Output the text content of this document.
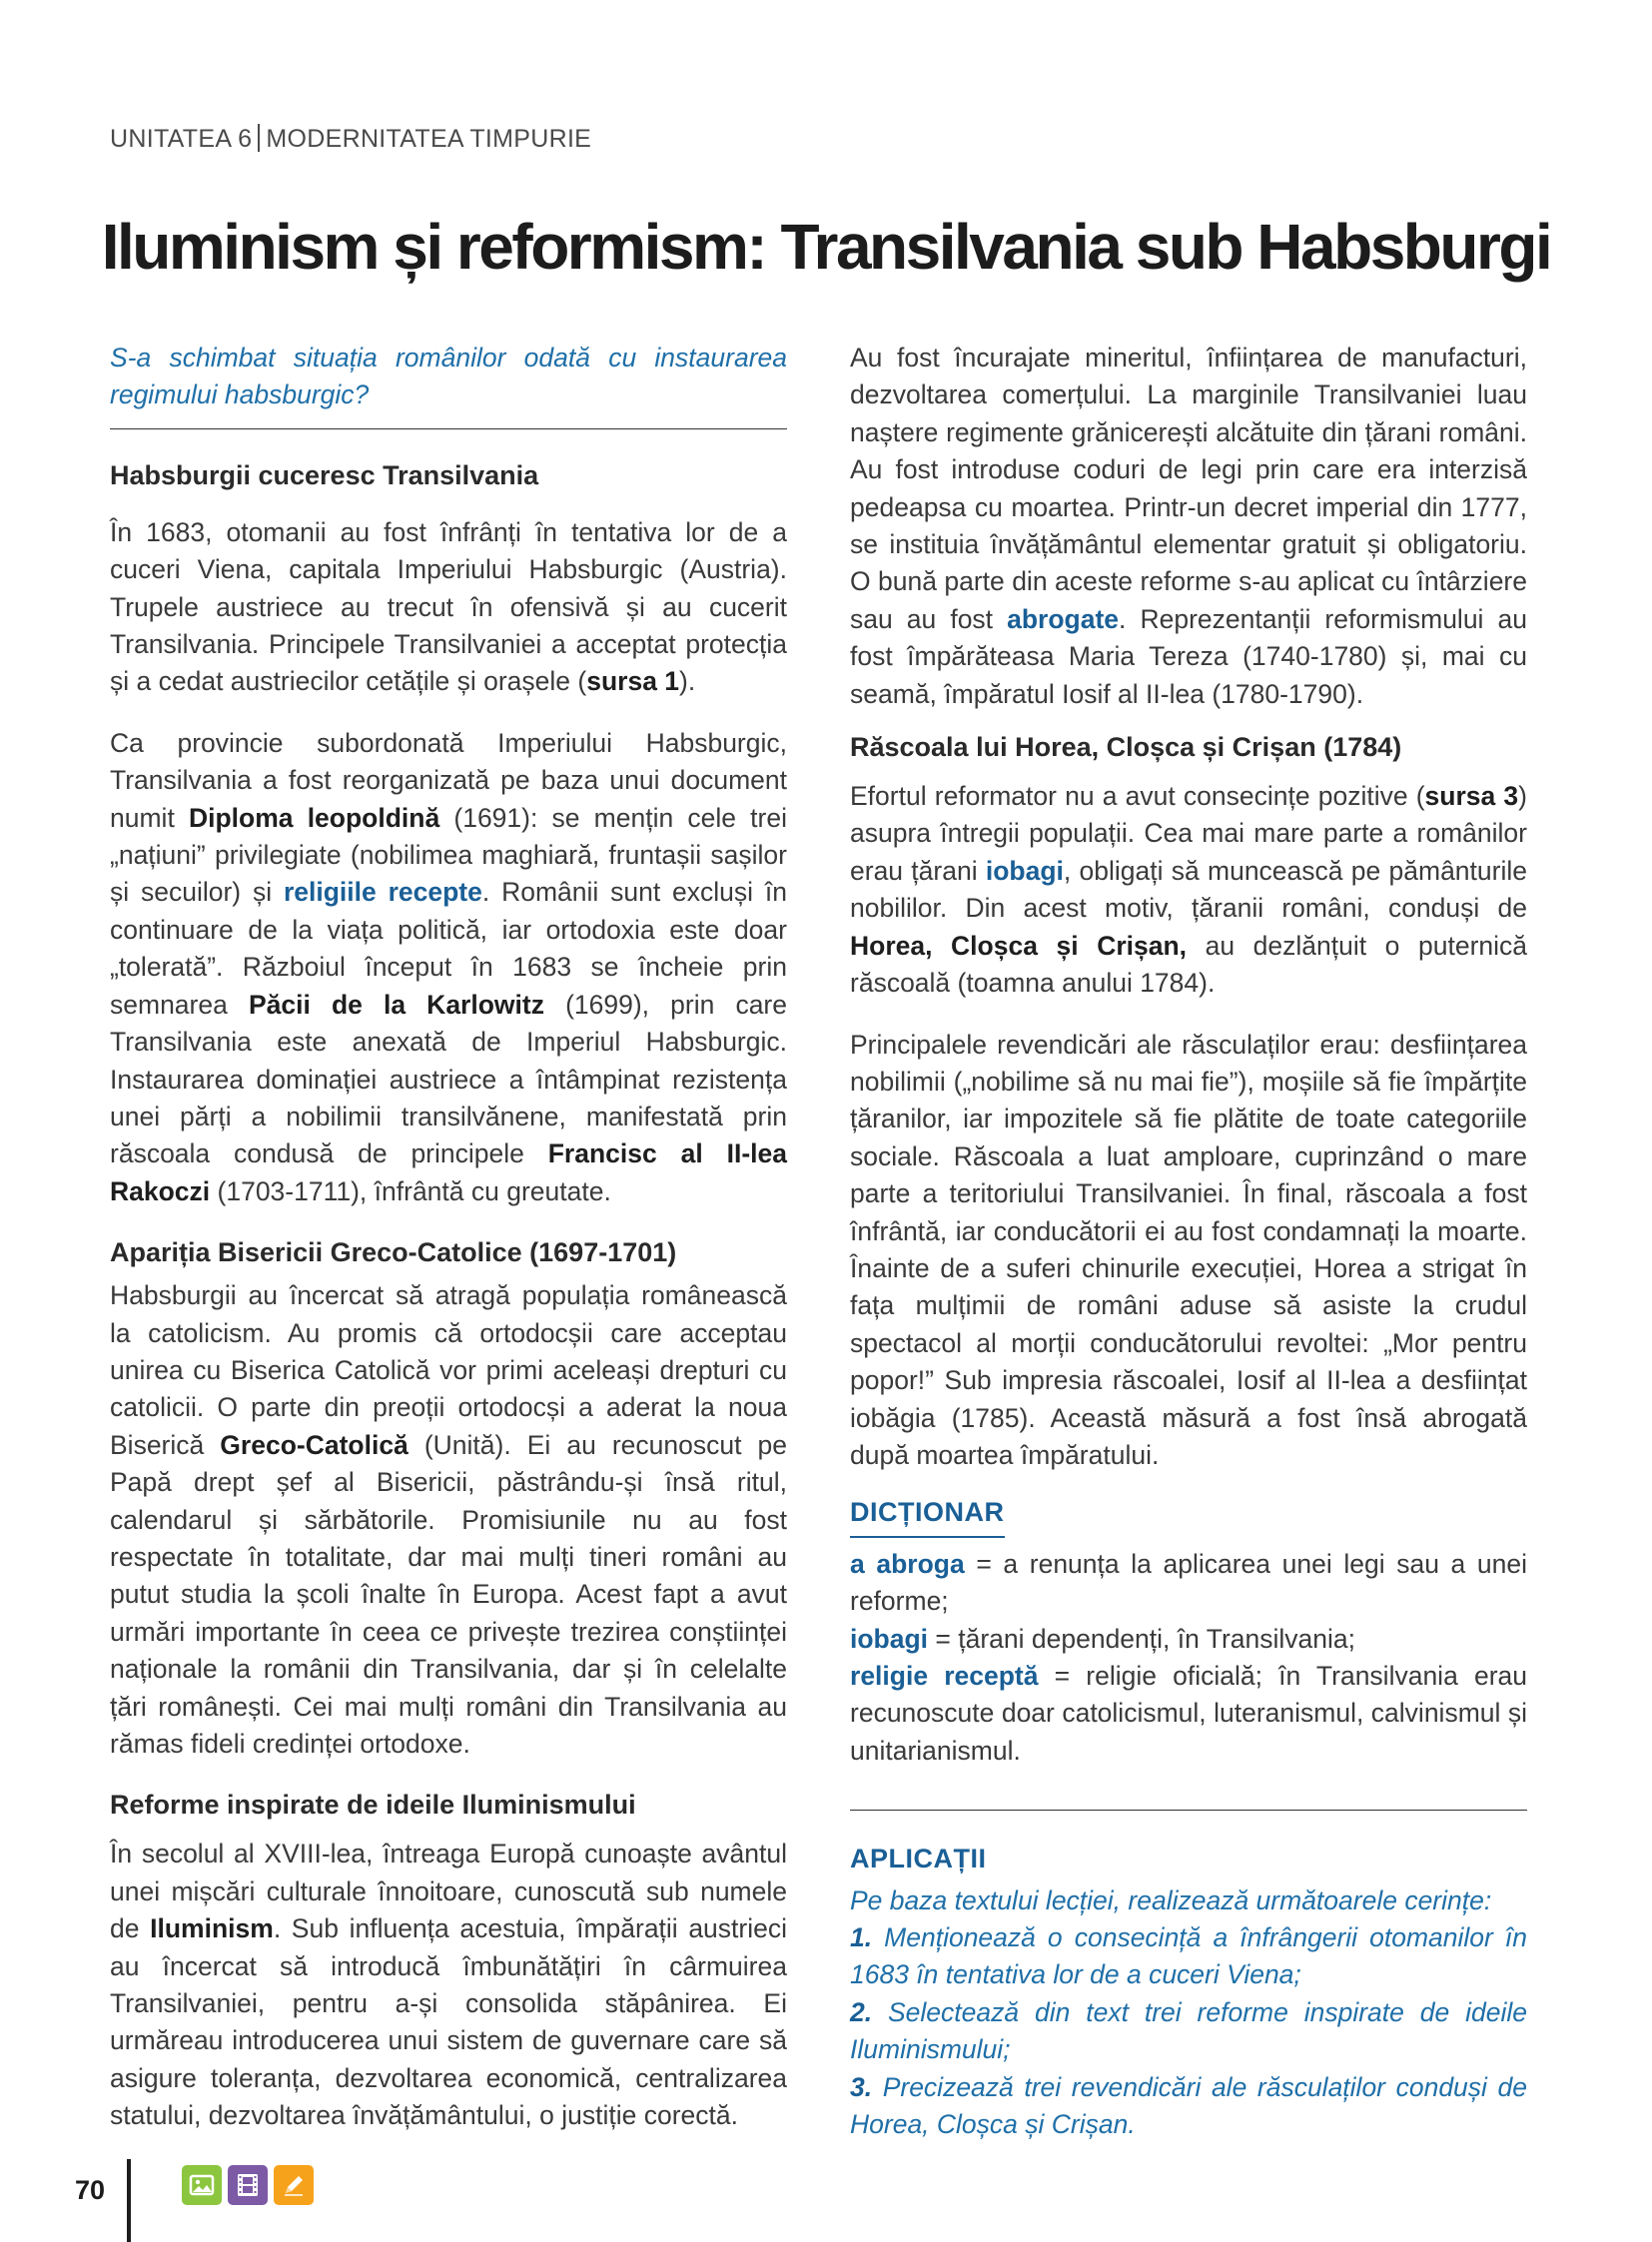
UNITATEA 6 MODERNITATEA TIMPURIE
Iluminism și reformism: Transilvania sub Habsburgi

S-a schimbat situația românilor odată cu instaurarea regimului habsburgic?

Habsburgii cuceresc Transilvania

În 1683, otomanii au fost înfrânți în tentativa lor de a cuceri Viena, capitala Imperiului Habsburgic (Austria). Trupele austriece au trecut în ofensivă și au cucerit Transilvania. Principele Transilvaniei a acceptat protecția și a cedat austriecilor cetățile și orașele (sursa 1).

Ca provincie subordonată Imperiului Habsburgic, Transilvania a fost reorganizată pe baza unui document numit Diploma leopoldină (1691): se mențin cele trei „națiuni” privilegiate (nobilimea maghiară, fruntașii sașilor și secuilor) și religiile recepte. Românii sunt excluși în continuare de la viața politică, iar ortodoxia este doar „tolerată”. Războiul început în 1683 se încheie prin semnarea Păcii de la Karlowitz (1699), prin care Transilvania este anexată de Imperiul Habsburgic. Instaurarea dominației austriece a întâmpinat rezistența unei părți a nobilimii transilvănene, manifestată prin răscoala condusă de principele Francisc al II-lea Rakoczi (1703-1711), înfrântă cu greutate.

Apariția Bisericii Greco-Catolice (1697-1701)

Habsburgii au încercat să atragă populația românească la catolicism. Au promis că ortodocșii care acceptau unirea cu Biserica Catolică vor primi aceleași drepturi cu catolicii. O parte din preoții ortodocși a aderat la noua Biserică Greco-Catolică (Unită). Ei au recunoscut pe Papă drept șef al Bisericii, păstrându-și însă ritul, calendarul și sărbătorile. Promisiunile nu au fost respectate în totalitate, dar mai mulți tineri români au putut studia la școli înalte în Europa. Acest fapt a avut urmări importante în ceea ce privește trezirea conștiinței naționale la românii din Transilvania, dar și în celelalte țări românești. Cei mai mulți români din Transilvania au rămas fideli credinței ortodoxe.

Reforme inspirate de ideile Iluminismului

În secolul al XVIII-lea, întreaga Europă cunoaște avântul unei mișcări culturale înnoitoare, cunoscută sub numele de Iluminism. Sub influența acestuia, împărații austrieci au încercat să introducă îmbunătățiri în cârmuirea Transilvaniei, pentru a-și consolida stăpânirea. Ei urmăreau introducerea unui sistem de guvernare care să asigure toleranța, dezvoltarea economică, centralizarea statului, dezvoltarea învățământului, o justiție corectă.

Au fost încurajate mineritul, înființarea de manufacturi, dezvoltarea comerțului. La marginile Transilvaniei luau naștere regimente grănicerești alcătuite din țărani români. Au fost introduse coduri de legi prin care era interzisă pedeapsa cu moartea. Printr-un decret imperial din 1777, se instituia învățământul elementar gratuit și obligatoriu. O bună parte din aceste reforme s-au aplicat cu întârziere sau au fost abrogate. Reprezentanții reformismului au fost împărăteasa Maria Tereza (1740-1780) și, mai cu seamă, împăratul Iosif al II-lea (1780-1790).

Răscoala lui Horea, Cloșca și Crișan (1784)

Efortul reformator nu a avut consecințe pozitive (sursa 3) asupra întregii populații. Cea mai mare parte a românilor erau țărani iobagi, obligați să muncească pe pământurile nobililor. Din acest motiv, țăranii români, conduși de Horea, Cloșca și Crișan, au dezlănțuit o puternică răscoală (toamna anului 1784).

Principalele revendicări ale răsculaților erau: desființarea nobilimii („nobilime să nu mai fie”), moșiile să fie împărțite țăranilor, iar impozitele să fie plătite de toate categoriile sociale. Răscoala a luat amploare, cuprinzând o mare parte a teritoriului Transilvaniei. În final, răscoala a fost înfrântă, iar conducătorii ei au fost condamnați la moarte. Înainte de a suferi chinurile execuției, Horea a strigat în fața mulțimii de români aduse să asiste la crudul spectacol al morții conducătorului revoltei: „Mor pentru popor!” Sub impresia răscoalei, Iosif al II-lea a desființat iobăgia (1785). Această măsură a fost însă abrogată după moartea împăratului.

DICȚIONAR

a abroga = a renunța la aplicarea unei legi sau a unei reforme;

iobagi = țărani dependenți, în Transilvania;

religie receptă = religie oficială; în Transilvania erau recunoscute doar catolicismul, luteranismul, calvinismul și unitarianismul.

APLICAȚII

Pe baza textului lecției, realizează următoarele cerințe:

1. Menționează o consecință a înfrângerii otomanilor în 1683 în tentativa lor de a cuceri Viena;

2. Selectează din text trei reforme inspirate de ideile Iluminismului;

3. Precizează trei revendicări ale răsculaților conduși de Horea, Cloșca și Crișan.

70
